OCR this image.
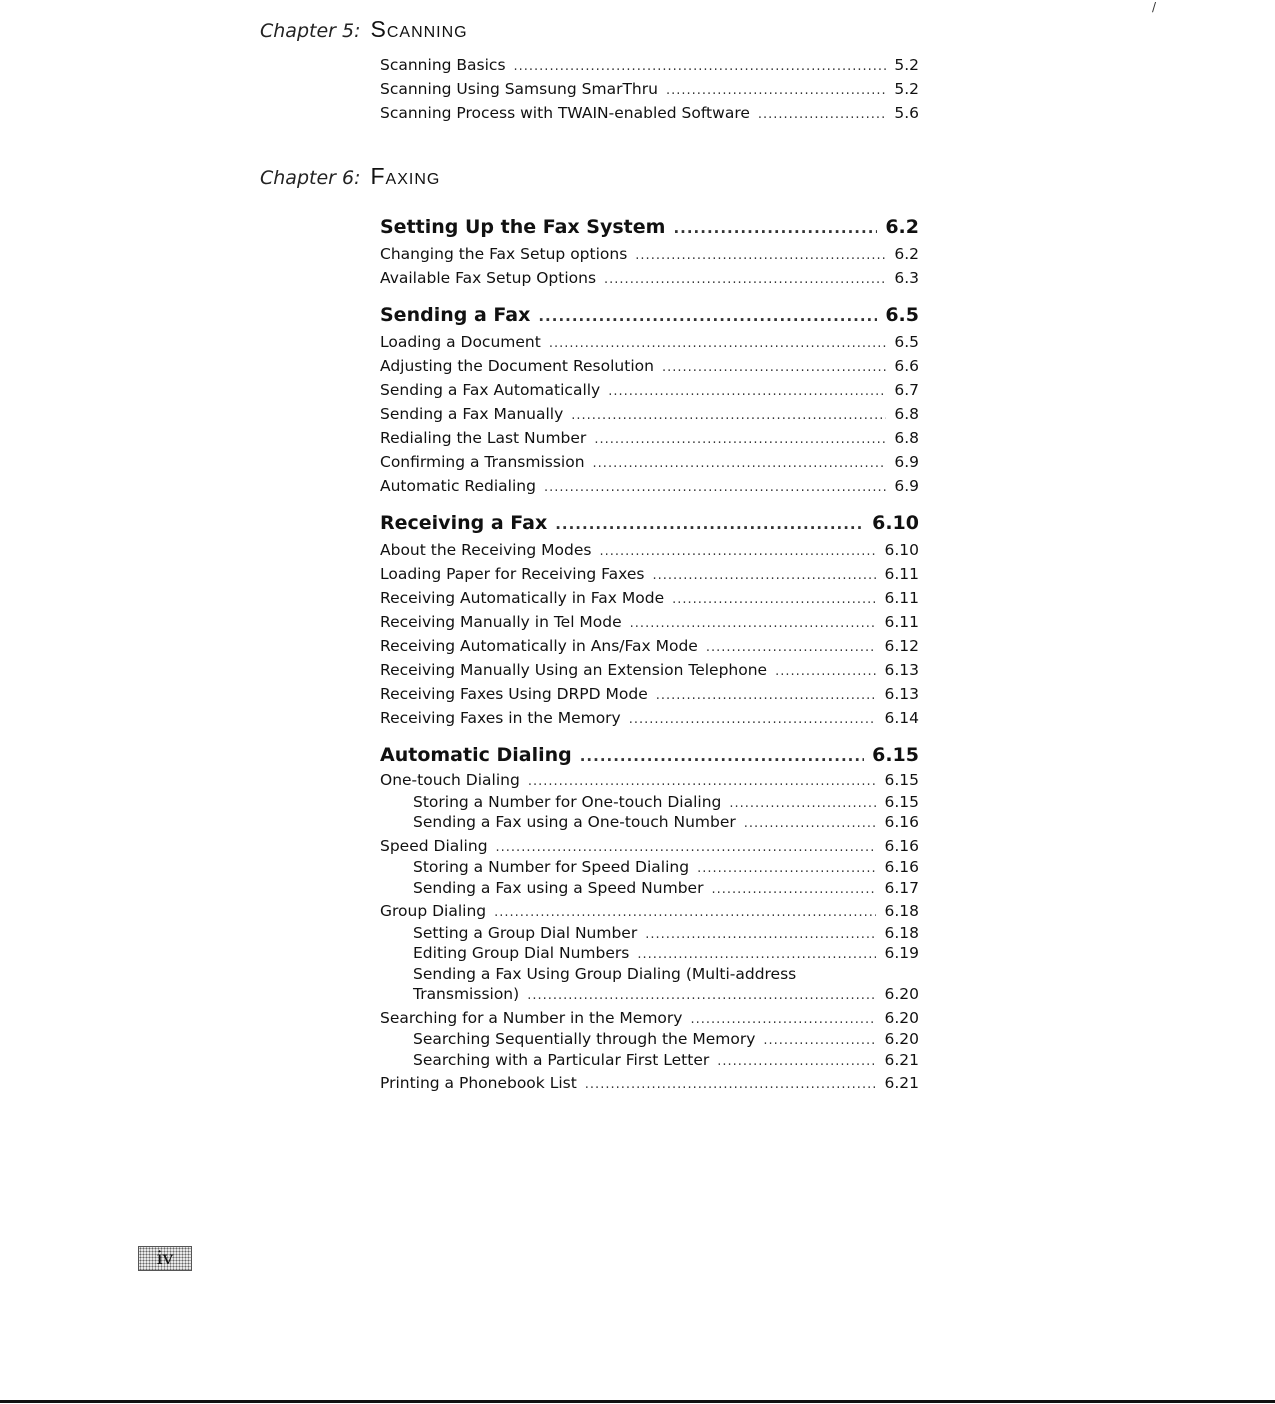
/
Chapter 5: Scanning
Scanning Basics .....	5.2
Scanning Using Samsung SmarThru .....	5.2
Scanning Process with TWAIN-enabled Software .....	5.6
Chapter 6: Faxing
Setting Up the Fax System .....	6.2
Changing the Fax Setup options .....	6.2
Available Fax Setup Options .....	6.3
Sending a Fax .....	6.5
Loading a Document .....	6.5
Adjusting the Document Resolution .....	6.6
Sending a Fax Automatically .....	6.7
Sending a Fax Manually .....	6.8
Redialing the Last Number .....	6.8
Confirming a Transmission .....	6.9
Automatic Redialing .....	6.9
Receiving a Fax .....	6.10
About the Receiving Modes .....	6.10
Loading Paper for Receiving Faxes .....	6.11
Receiving Automatically in Fax Mode .....	6.11
Receiving Manually in Tel Mode .....	6.11
Receiving Automatically in Ans/Fax Mode .....	6.12
Receiving Manually Using an Extension Telephone .....	6.13
Receiving Faxes Using DRPD Mode .....	6.13
Receiving Faxes in the Memory .....	6.14
Automatic Dialing .....	6.15
One-touch Dialing .....	6.15
Storing a Number for One-touch Dialing .....	6.15
Sending a Fax using a One-touch Number .....	6.16
Speed Dialing .....	6.16
Storing a Number for Speed Dialing .....	6.16
Sending a Fax using a Speed Number .....	6.17
Group Dialing .....	6.18
Setting a Group Dial Number .....	6.18
Editing Group Dial Numbers .....	6.19
Sending a Fax Using Group Dialing (Multi-address
Transmission) .....	6.20
Searching for a Number in the Memory .....	6.20
Searching Sequentially through the Memory .....	6.20
Searching with a Particular First Letter .....	6.21
Printing a Phonebook List .....	6.21
iv
